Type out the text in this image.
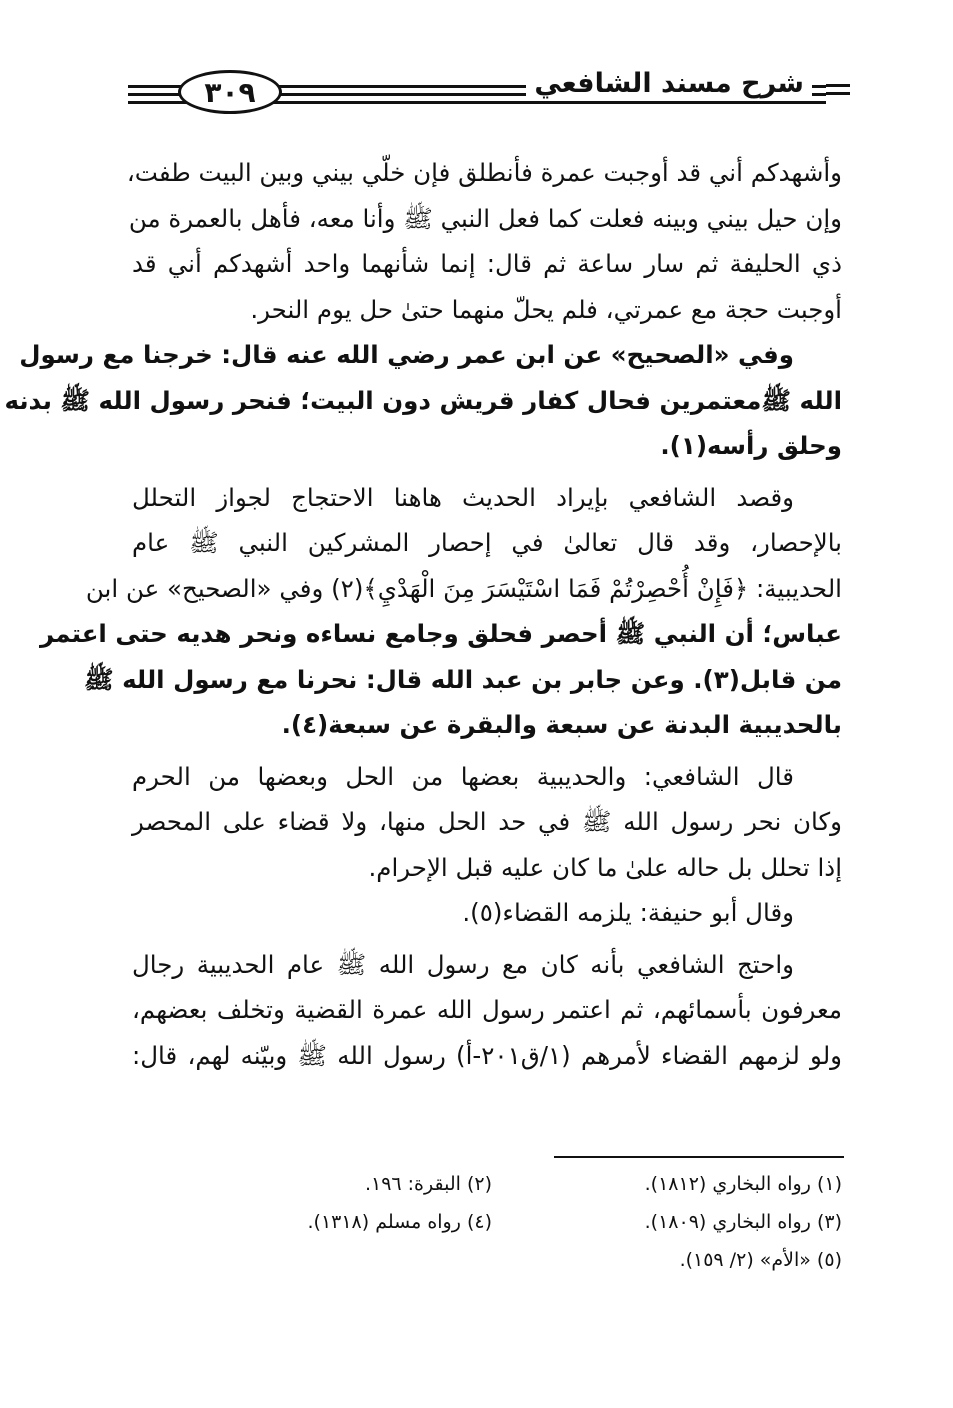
شرح مسند الشافعي
٣٠٩
وأشهدكم أني قد أوجبت عمرة فأنطلق فإن خلّي بيني وبين البيت طفت،
وإن حيل بيني وبينه فعلت كما فعل النبي ﷺ وأنا معه، فأهل بالعمرة من
ذي الحليفة ثم سار ساعة ثم قال: إنما شأنهما واحد أشهدكم أني قد
أوجبت حجة مع عمرتي، فلم يحلّ منهما حتىٰ حل يوم النحر.
وفي «الصحيح» عن ابن عمر رضي الله عنه قال: خرجنا مع رسول
الله ﷺمعتمرين فحال كفار قريش دون البيت؛ فنحر رسول الله ﷺ بدنه
وحلق رأسه(١).
وقصد الشافعي بإيراد الحديث هاهنا الاحتجاج لجواز التحلل
بالإحصار، وقد قال تعالىٰ في إحصار المشركين النبي ﷺ عام
الحديبية: ﴿فَإِنْ أُحْصِرْتُمْ فَمَا اسْتَيْسَرَ مِنَ الْهَدْيِ﴾(٢) وفي «الصحيح» عن ابن
عباس؛ أن النبي ﷺ أحصر فحلق وجامع نساءه ونحر هديه حتى اعتمر
من قابل(٣). وعن جابر بن عبد الله قال: نحرنا مع رسول الله ﷺ
بالحديبية البدنة عن سبعة والبقرة عن سبعة(٤).
قال الشافعي: والحديبية بعضها من الحل وبعضها من الحرم
وكان نحر رسول الله ﷺ في حد الحل منها، ولا قضاء على المحصر
إذا تحلل بل حاله علىٰ ما كان عليه قبل الإحرام.
وقال أبو حنيفة: يلزمه القضاء(٥).
واحتج الشافعي بأنه كان مع رسول الله ﷺ عام الحديبية رجال
معرفون بأسمائهم، ثم اعتمر رسول الله عمرة القضية وتخلف بعضهم،
ولو لزمهم القضاء لأمرهم (١/ق٢٠١-أ) رسول الله ﷺ وبيّنه لهم، قال:
(١) رواه البخاري (١٨١٢).
(٢) البقرة: ١٩٦.
(٣) رواه البخاري (١٨٠٩).
(٤) رواه مسلم (١٣١٨).
(٥) «الأم» (٢/ ١٥٩).
